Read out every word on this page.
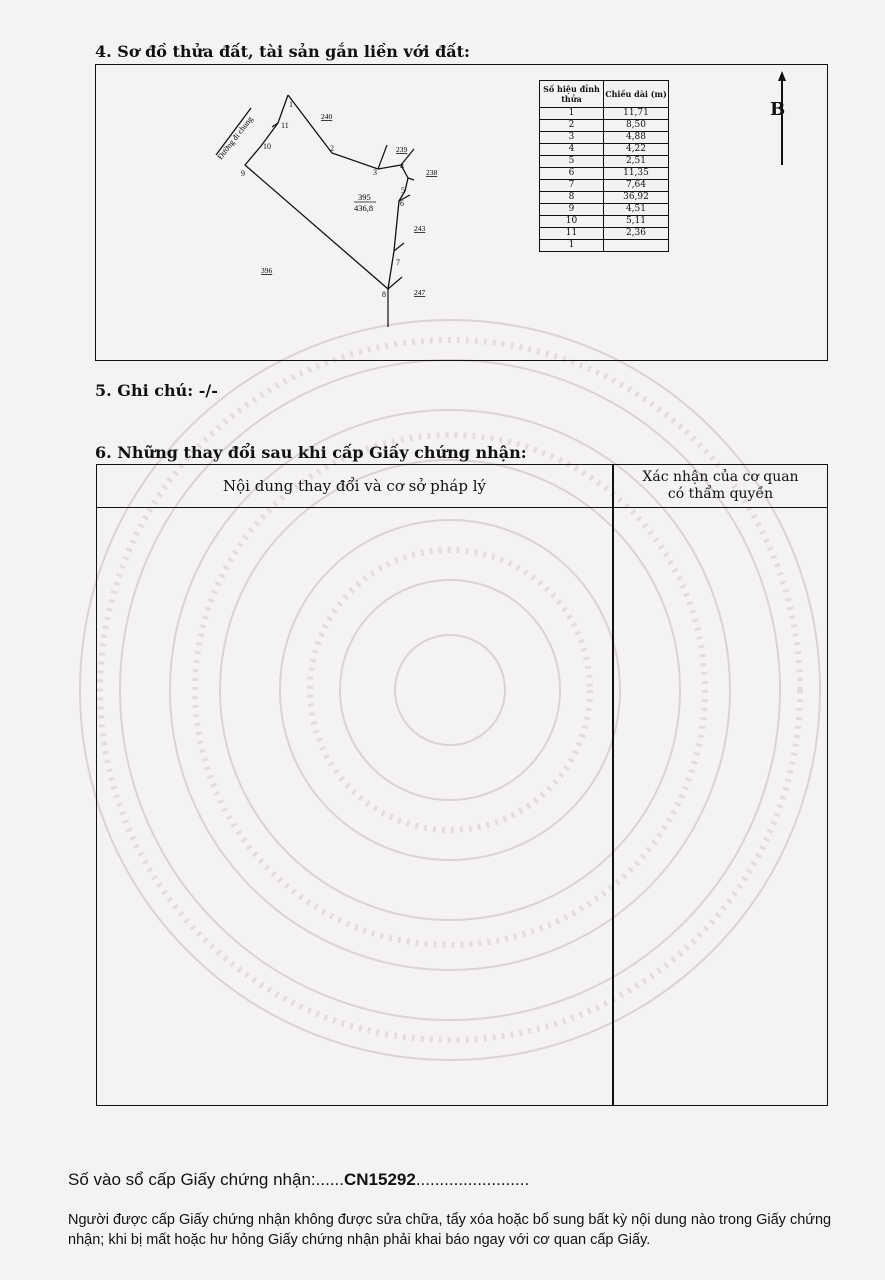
4. Sơ đồ thửa đất, tài sản gắn liền với đất:
Đường đi chung
1
2
3
4
5
6
7
8
9
10
11
395
436,8
240
239
238
243
247
396
Số hiệu đỉnh thửa	Chiều dài (m)
1	11,71
2	8,50
3	4,88
4	4,22
5	2,51
6	11,35
7	7,64
8	36,92
9	4,51
10	5,11
11	2,36
1	
B
5. Ghi chú: -/-
6. Những thay đổi sau khi cấp Giấy chứng nhận:
Nội dung thay đổi và cơ sở pháp lý	Xác nhận của cơ quan
có thẩm quyền
Số vào sổ cấp Giấy chứng nhận:......CN15292........................
Người được cấp Giấy chứng nhận không được sửa chữa, tẩy xóa hoặc bổ sung bất kỳ nội dung nào trong Giấy chứng nhận; khi bị mất hoặc hư hỏng Giấy chứng nhận phải khai báo ngay với cơ quan cấp Giấy.
